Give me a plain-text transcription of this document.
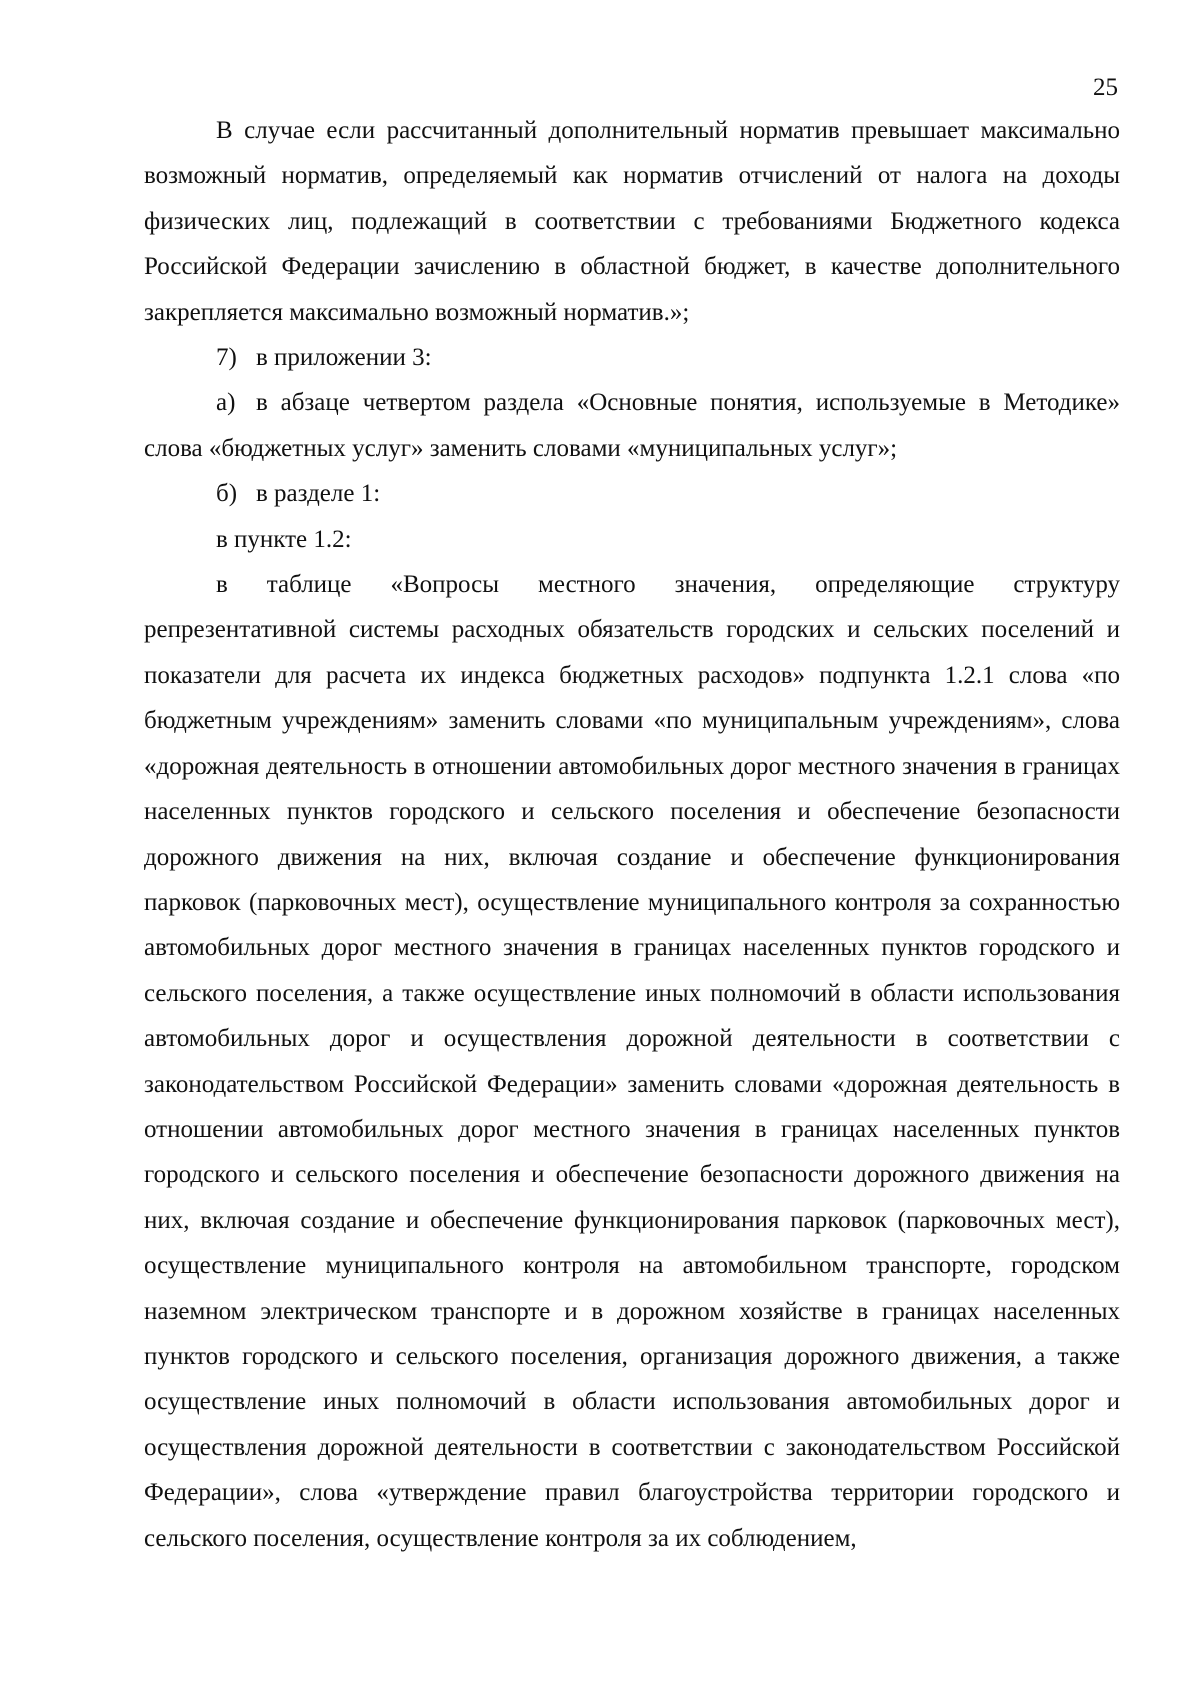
25

В случае если рассчитанный дополнительный норматив превышает максимально возможный норматив, определяемый как норматив отчислений от налога на доходы физических лиц, подлежащий в соответствии с требованиями Бюджетного кодекса Российской Федерации зачислению в областной бюджет, в качестве дополнительного закрепляется максимально возможный норматив.»;

7) в приложении 3:

а) в абзаце четвертом раздела «Основные понятия, используемые в Методике» слова «бюджетных услуг» заменить словами «муниципальных услуг»;

б) в разделе 1:

в пункте 1.2:

в таблице «Вопросы местного значения, определяющие структуру репрезентативной системы расходных обязательств городских и сельских поселений и показатели для расчета их индекса бюджетных расходов» подпункта 1.2.1 слова «по бюджетным учреждениям» заменить словами «по муниципальным учреждениям», слова «дорожная деятельность в отношении автомобильных дорог местного значения в границах населенных пунктов городского и сельского поселения и обеспечение безопасности дорожного движения на них, включая создание и обеспечение функционирования парковок (парковочных мест), осуществление муниципального контроля за сохранностью автомобильных дорог местного значения в границах населенных пунктов городского и сельского поселения, а также осуществление иных полномочий в области использования автомобильных дорог и осуществления дорожной деятельности в соответствии с законодательством Российской Федерации» заменить словами «дорожная деятельность в отношении автомобильных дорог местного значения в границах населенных пунктов городского и сельского поселения и обеспечение безопасности дорожного движения на них, включая создание и обеспечение функционирования парковок (парковочных мест), осуществление муниципального контроля на автомобильном транспорте, городском наземном электрическом транспорте и в дорожном хозяйстве в границах населенных пунктов городского и сельского поселения, организация дорожного движения, а также осуществление иных полномочий в области использования автомобильных дорог и осуществления дорожной деятельности в соответствии с законодательством Российской Федерации», слова «утверждение правил благоустройства территории городского и сельского поселения, осуществление контроля за их соблюдением,
